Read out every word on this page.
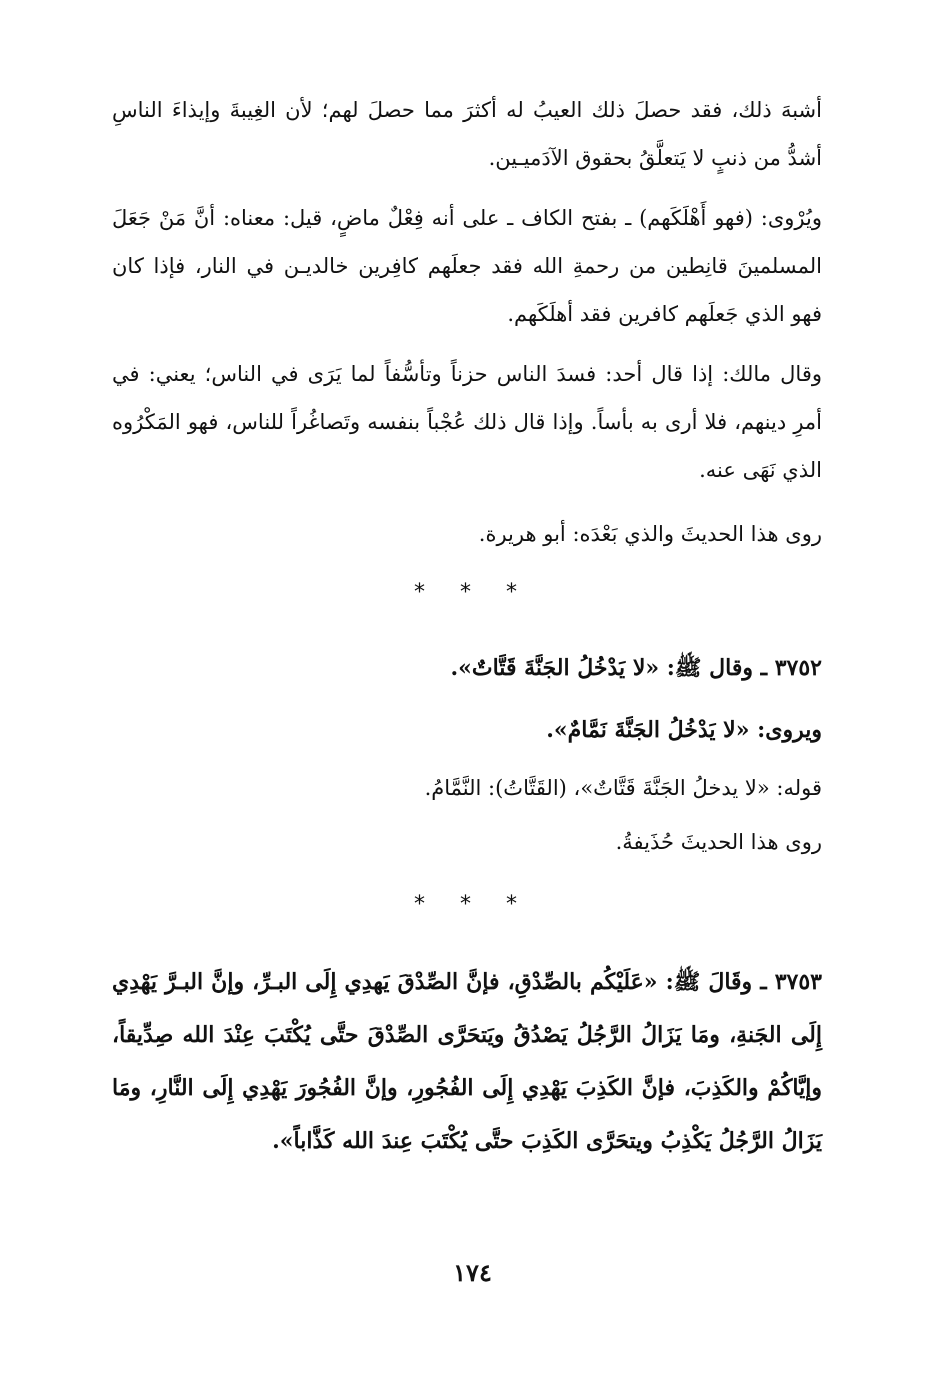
أشبهَ ذلك، فقد حصلَ ذلك العيبُ له أكثرَ مما حصلَ لهم؛ لأن الغِيبةَ وإيذاءَ الناسِ أشدُّ من ذنبٍ لا يَتعلَّقُ بحقوق الآدَميـين.

ويُرْوى: (فهو أَهْلَكَهم) ـ بفتح الكاف ـ على أنه فِعْلٌ ماضٍ، قيل: معناه: أنَّ مَنْ جَعَلَ المسلمينَ قانِطين من رحمةِ الله فقد جعلَهم كافِرين خالديـن في النار، فإذا كان فهو الذي جَعلَهم كافرين فقد أهلَكَهم.

وقال مالك: إذا قال أحد: فسدَ الناس حزناً وتأسُّفاً لما يَرَى في الناس؛ يعني: في أمرِ دينهم، فلا أرى به بأساً. وإذا قال ذلك عُجْباً بنفسه وتَصاغُراً للناس، فهو المَكْرُوه الذي نَهَى عنه.

روى هذا الحديثَ والذي بَعْدَه: أبو هريرة.

* * *

٣٧٥٢ ـ وقال ﷺ: «لا يَدْخُلُ الجَنَّةَ قَتَّاتٌ».

ويروى: «لا يَدْخُلُ الجَنَّةَ نَمَّامٌ».

قوله: «لا يدخلُ الجَنَّةَ قَتَّاتٌ»، (القَتَّاتُ): النَّمَّامُ.

روى هذا الحديثَ حُذَيفةُ.

* * *

٣٧٥٣ ـ وقَالَ ﷺ: «عَلَيْكُم بالصِّدْقِ، فإنَّ الصِّدْقَ يَهدِي إِلَى البـرِّ، وإنَّ البـرَّ يَهْدِي إِلَى الجَنةِ، ومَا يَزَالُ الرَّجُلُ يَصْدُقُ ويَتحَرَّى الصِّدْقَ حتَّى يُكْتَبَ عِنْدَ الله صِدِّيقاً، وإيَّاكُمْ والكَذِبَ، فإنَّ الكَذِبَ يَهْدِي إِلَى الفُجُورِ، وإنَّ الفُجُورَ يَهْدِي إِلَى النَّارِ، ومَا يَزَالُ الرَّجُلُ يَكْذِبُ ويتحَرَّى الكَذِبَ حتَّى يُكْتَبَ عِندَ الله كَذَّاباً».

١٧٤
